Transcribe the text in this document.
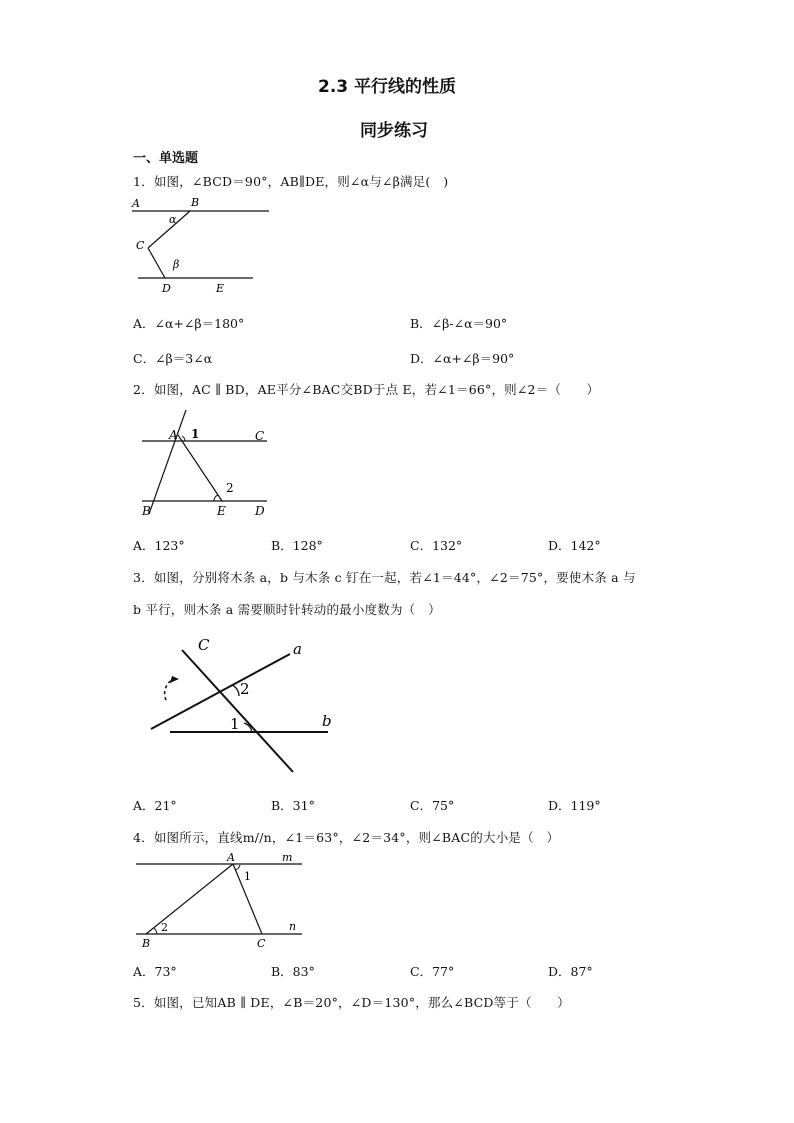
2.3 平行线的性质
同步练习
一、单选题
1．如图，∠BCD＝90°，AB∥DE，则∠α与∠β满足(　)
A	B
α
C
β
D	E
A．∠α+∠β＝180°	B．∠β-∠α＝90°
C．∠β＝3∠α	D．∠α+∠β＝90°
2．如图，AC ∥ BD，AE平分∠BAC交BD于点 E，若∠1＝66°，则∠2＝（　　）
A 1	C
2
B	E D
A．123°	B．128°	C．132°	D．142°
3．如图，分别将木条 a，b 与木条 c 钉在一起，若∠1＝44°，∠2＝75°，要使木条 a 与
b 平行，则木条 a 需要顺时针转动的最小度数为（　）
C	a
2
1	b
A．21°	B．31°	C．75°	D．119°
4．如图所示，直线m//n，∠1＝63°，∠2＝34°，则∠BAC的大小是（　）
A	m
1
2	n
B	C
A．73°	B．83°	C．77°	D．87°
5．如图，已知AB ∥ DE，∠B＝20°，∠D＝130°，那么∠BCD等于（　　）
